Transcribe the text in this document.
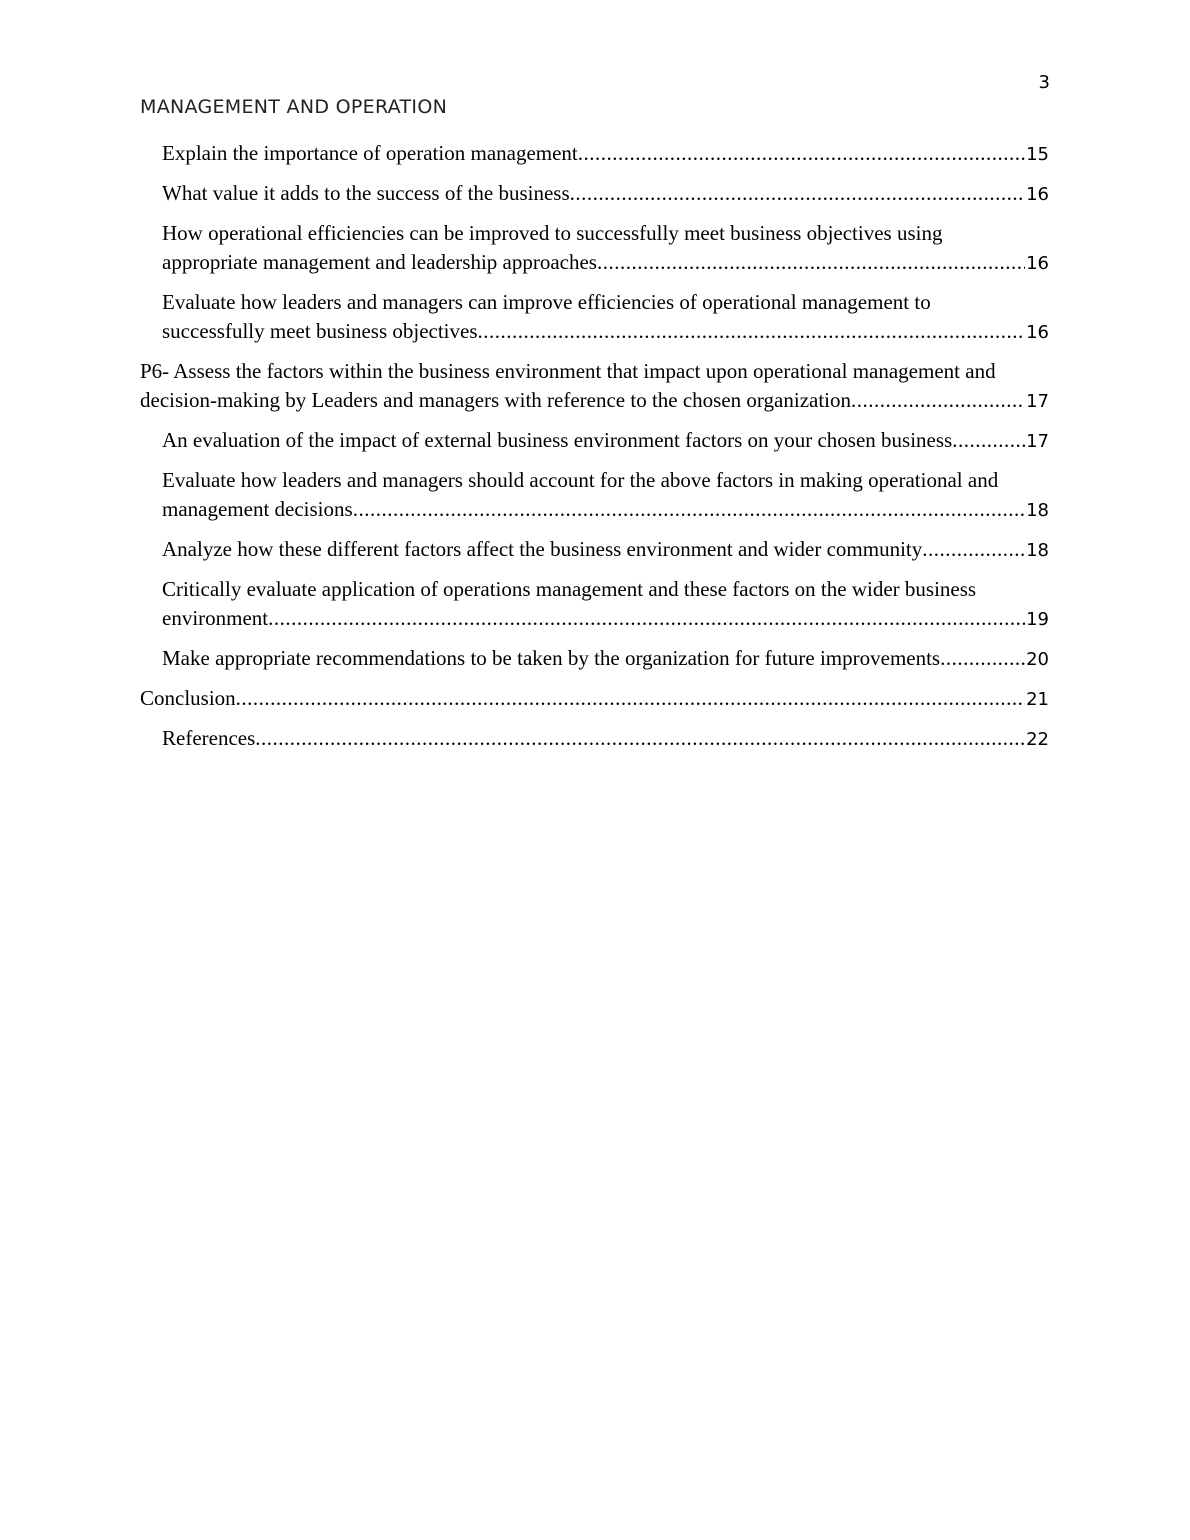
3
MANAGEMENT AND OPERATION
Explain the importance of operation management .....	15
What value it adds to the success of the business .....	16
How operational efficiencies can be improved to successfully meet business objectives using
appropriate management and leadership approaches .....	16
Evaluate how leaders and managers can improve efficiencies of operational management to
successfully meet business objectives .....	16
P6- Assess the factors within the business environment that impact upon operational management and
decision-making by Leaders and managers with reference to the chosen organization .....	17
An evaluation of the impact of external business environment factors on your chosen business .....	17
Evaluate how leaders and managers should account for the above factors in making operational and
management decisions .....	18
Analyze how these different factors affect the business environment and wider community .....	18
Critically evaluate application of operations management and these factors on the wider business
environment .....	19
Make appropriate recommendations to be taken by the organization for future improvements .....	20
Conclusion .....	21
References .....	22
